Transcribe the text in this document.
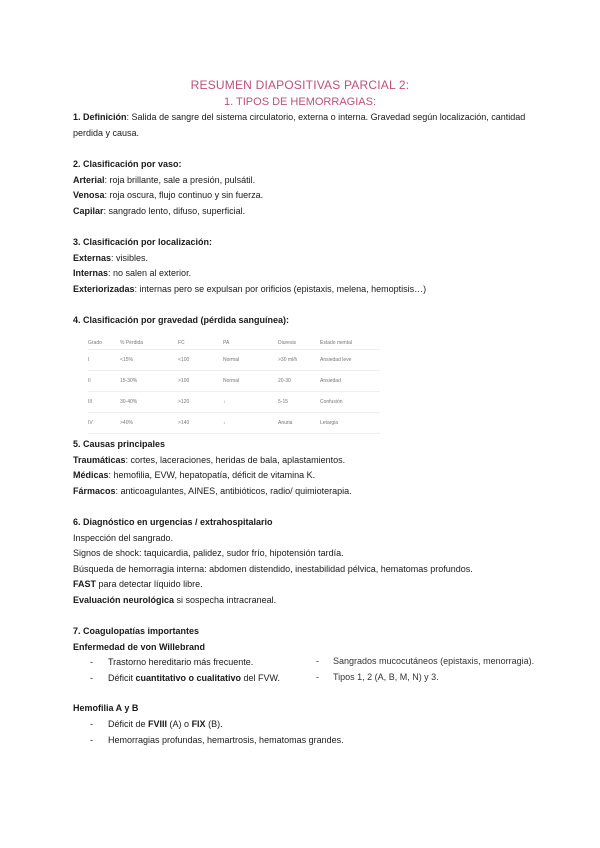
RESUMEN DIAPOSITIVAS PARCIAL 2:
1. TIPOS DE HEMORRAGIAS:

1. Definición: Salida de sangre del sistema circulatorio, externa o interna. Gravedad según localización, cantidad perdida y causa.

2. Clasificación por vaso:

Arterial: roja brillante, sale a presión, pulsátil.

Venosa: roja oscura, flujo continuo y sin fuerza.

Capilar: sangrado lento, difuso, superficial.

3. Clasificación por localización:

Externas: visibles.

Internas: no salen al exterior.

Exteriorizadas: internas pero se expulsan por orificios (epistaxis, melena, hemoptisis…)

4. Clasificación por gravedad (pérdida sanguínea):

Grado	% Pérdida	FC	PA	Diuresis	Estado mental
I	<15%	<100	Normal	>30 ml/h	Ansiedad leve
II	15-30%	>100	Normal	20-30	Ansiedad
III	30-40%	>120	↓	5-15	Confusión
IV	>40%	>140	↓	Anuria	Letargia

5. Causas principales

Traumáticas: cortes, laceraciones, heridas de bala, aplastamientos.

Médicas: hemofilia, EVW, hepatopatía, déficit de vitamina K.

Fármacos: anticoagulantes, AINES, antibióticos, radio/ quimioterapia.

6. Diagnóstico en urgencias / extrahospitalario

Inspección del sangrado.

Signos de shock: taquicardia, palidez, sudor frío, hipotensión tardía.

Búsqueda de hemorragia interna: abdomen distendido, inestabilidad pélvica, hematomas profundos.

FAST para detectar líquido libre.

Evaluación neurológica si sospecha intracraneal.

7. Coagulopatías importantes

Enfermedad de von Willebrand

- Trastorno hereditario más frecuente.
- Déficit cuantitativo o cualitativo del FVW.

Hemofilia A y B

- Déficit de FVIII (A) o FIX (B).
- Hemorragias profundas, hemartrosis, hematomas grandes.
- Sangrados mucocutáneos (epistaxis, menorragia).
- Tipos 1, 2 (A, B, M, N) y 3.
